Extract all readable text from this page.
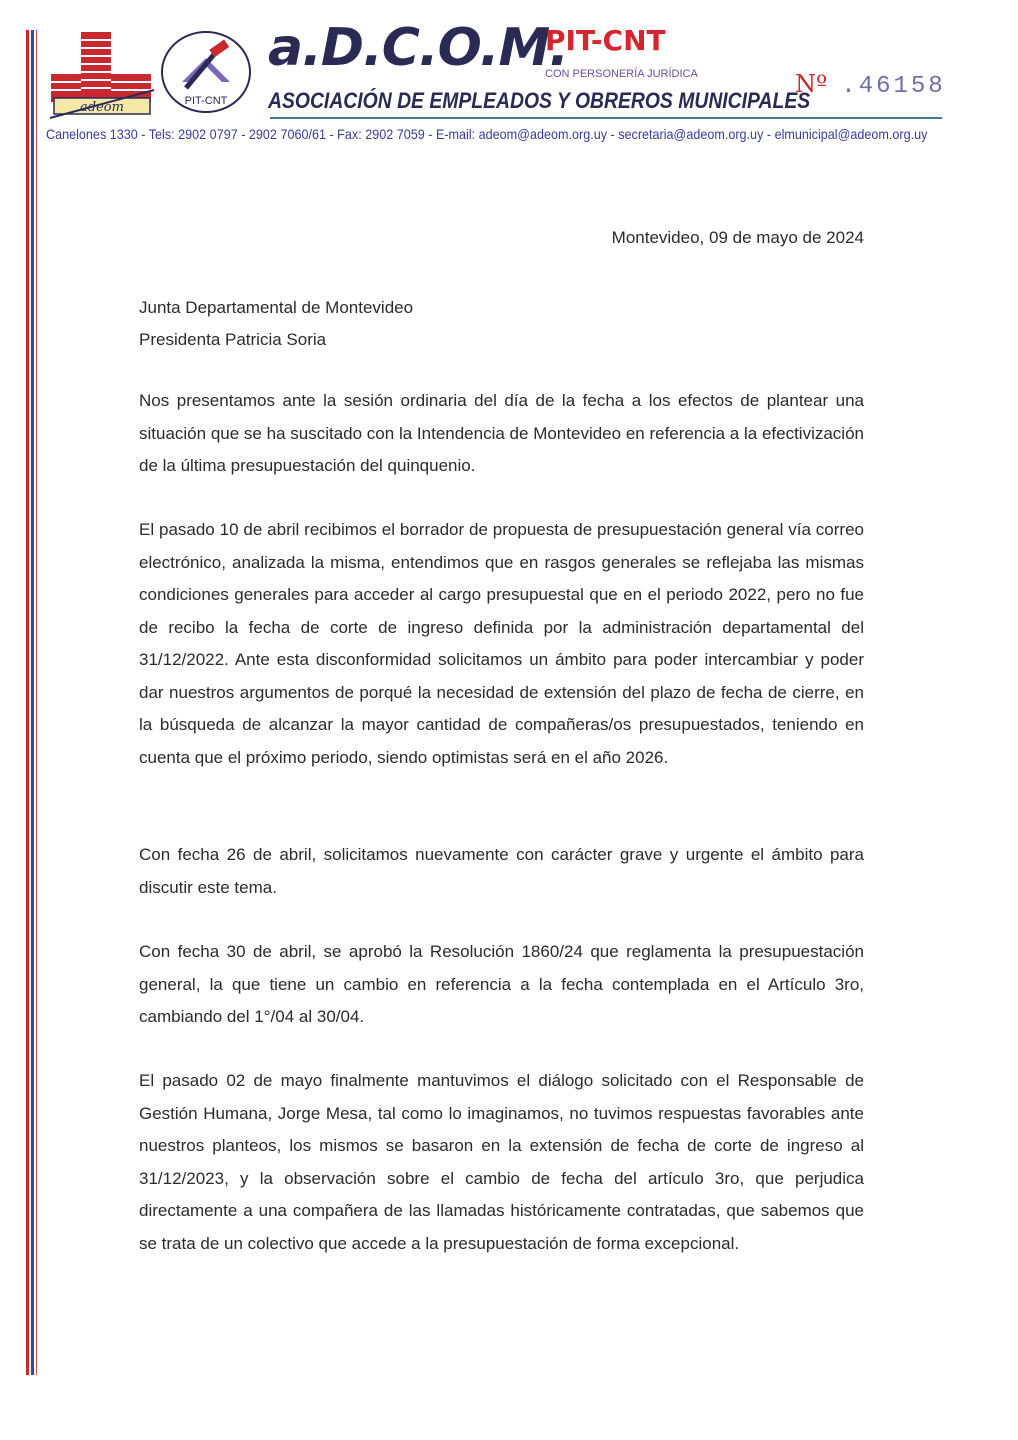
adeom	PIT-CNT
a.D.C.O.M.
PIT-CNT
CON PERSONERÍA JURÍDICA
ASOCIACIÓN DE EMPLEADOS Y OBREROS MUNICIPALES
Nº .46158
Canelones 1330 - Tels: 2902 0797 - 2902 7060/61 - Fax: 2902 7059 - E-mail: adeom@adeom.org.uy - secretaria@adeom.org.uy - elmunicipal@adeom.org.uy
Montevideo, 09 de mayo de 2024
Junta Departamental de Montevideo
Presidenta Patricia Soria
Nos presentamos ante la sesión ordinaria del día de la fecha a los efectos de plantear una situación que se ha suscitado con la Intendencia de Montevideo en referencia a la efectivización de la última presupuestación del quinquenio.
El pasado 10 de abril recibimos el borrador de propuesta de presupuestación general vía correo electrónico, analizada la misma, entendimos que en rasgos generales se reflejaba las mismas condiciones generales para acceder al cargo presupuestal que en el periodo 2022, pero no fue de recibo la fecha de corte de ingreso definida por la administración departamental del 31/12/2022. Ante esta disconformidad solicitamos un ámbito para poder intercambiar y poder dar nuestros argumentos de porqué la necesidad de extensión del plazo de fecha de cierre, en la búsqueda de alcanzar la mayor cantidad de compañeras/os presupuestados, teniendo en cuenta que el próximo periodo, siendo optimistas será en el año 2026.
Con fecha 26 de abril, solicitamos nuevamente con carácter grave y urgente el ámbito para discutir este tema.
Con fecha 30 de abril, se aprobó la Resolución 1860/24 que reglamenta la presupuestación general, la que tiene un cambio en referencia a la fecha contemplada en el Artículo 3ro, cambiando del 1°/04 al 30/04.
El pasado 02 de mayo finalmente mantuvimos el diálogo solicitado con el Responsable de Gestión Humana, Jorge Mesa, tal como lo imaginamos, no tuvimos respuestas favorables ante nuestros planteos, los mismos se basaron en la extensión de fecha de corte de ingreso al 31/12/2023, y la observación sobre el cambio de fecha del artículo 3ro, que perjudica directamente a una compañera de las llamadas históricamente contratadas, que sabemos que se trata de un colectivo que accede a la presupuestación de forma excepcional.
